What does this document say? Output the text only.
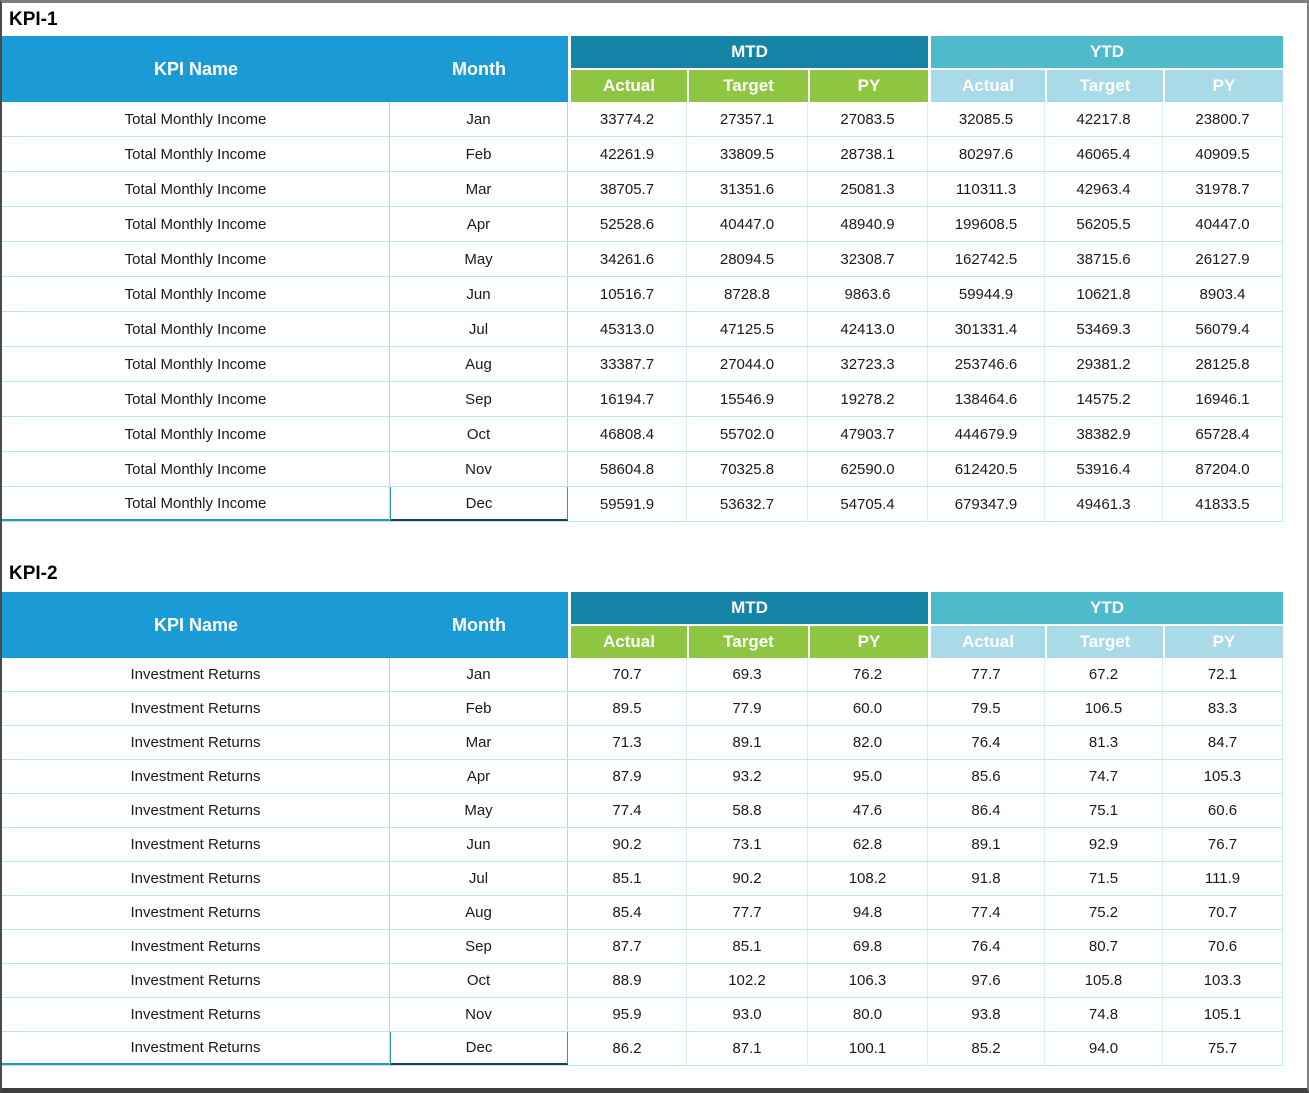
KPI-1
KPI Name	Month
MTD	YTD
Actual	Target	PY	Actual	Target	PY
Total Monthly Income	Jan	33774.2	27357.1	27083.5	32085.5	42217.8	23800.7
Total Monthly Income	Feb	42261.9	33809.5	28738.1	80297.6	46065.4	40909.5
Total Monthly Income	Mar	38705.7	31351.6	25081.3	110311.3	42963.4	31978.7
Total Monthly Income	Apr	52528.6	40447.0	48940.9	199608.5	56205.5	40447.0
Total Monthly Income	May	34261.6	28094.5	32308.7	162742.5	38715.6	26127.9
Total Monthly Income	Jun	10516.7	8728.8	9863.6	59944.9	10621.8	8903.4
Total Monthly Income	Jul	45313.0	47125.5	42413.0	301331.4	53469.3	56079.4
Total Monthly Income	Aug	33387.7	27044.0	32723.3	253746.6	29381.2	28125.8
Total Monthly Income	Sep	16194.7	15546.9	19278.2	138464.6	14575.2	16946.1
Total Monthly Income	Oct	46808.4	55702.0	47903.7	444679.9	38382.9	65728.4
Total Monthly Income	Nov	58604.8	70325.8	62590.0	612420.5	53916.4	87204.0
Total Monthly Income	Dec	59591.9	53632.7	54705.4	679347.9	49461.3	41833.5
KPI-2
KPI Name	Month
MTD	YTD
Actual	Target	PY	Actual	Target	PY
Investment Returns	Jan	70.7	69.3	76.2	77.7	67.2	72.1
Investment Returns	Feb	89.5	77.9	60.0	79.5	106.5	83.3
Investment Returns	Mar	71.3	89.1	82.0	76.4	81.3	84.7
Investment Returns	Apr	87.9	93.2	95.0	85.6	74.7	105.3
Investment Returns	May	77.4	58.8	47.6	86.4	75.1	60.6
Investment Returns	Jun	90.2	73.1	62.8	89.1	92.9	76.7
Investment Returns	Jul	85.1	90.2	108.2	91.8	71.5	111.9
Investment Returns	Aug	85.4	77.7	94.8	77.4	75.2	70.7
Investment Returns	Sep	87.7	85.1	69.8	76.4	80.7	70.6
Investment Returns	Oct	88.9	102.2	106.3	97.6	105.8	103.3
Investment Returns	Nov	95.9	93.0	80.0	93.8	74.8	105.1
Investment Returns	Dec	86.2	87.1	100.1	85.2	94.0	75.7
